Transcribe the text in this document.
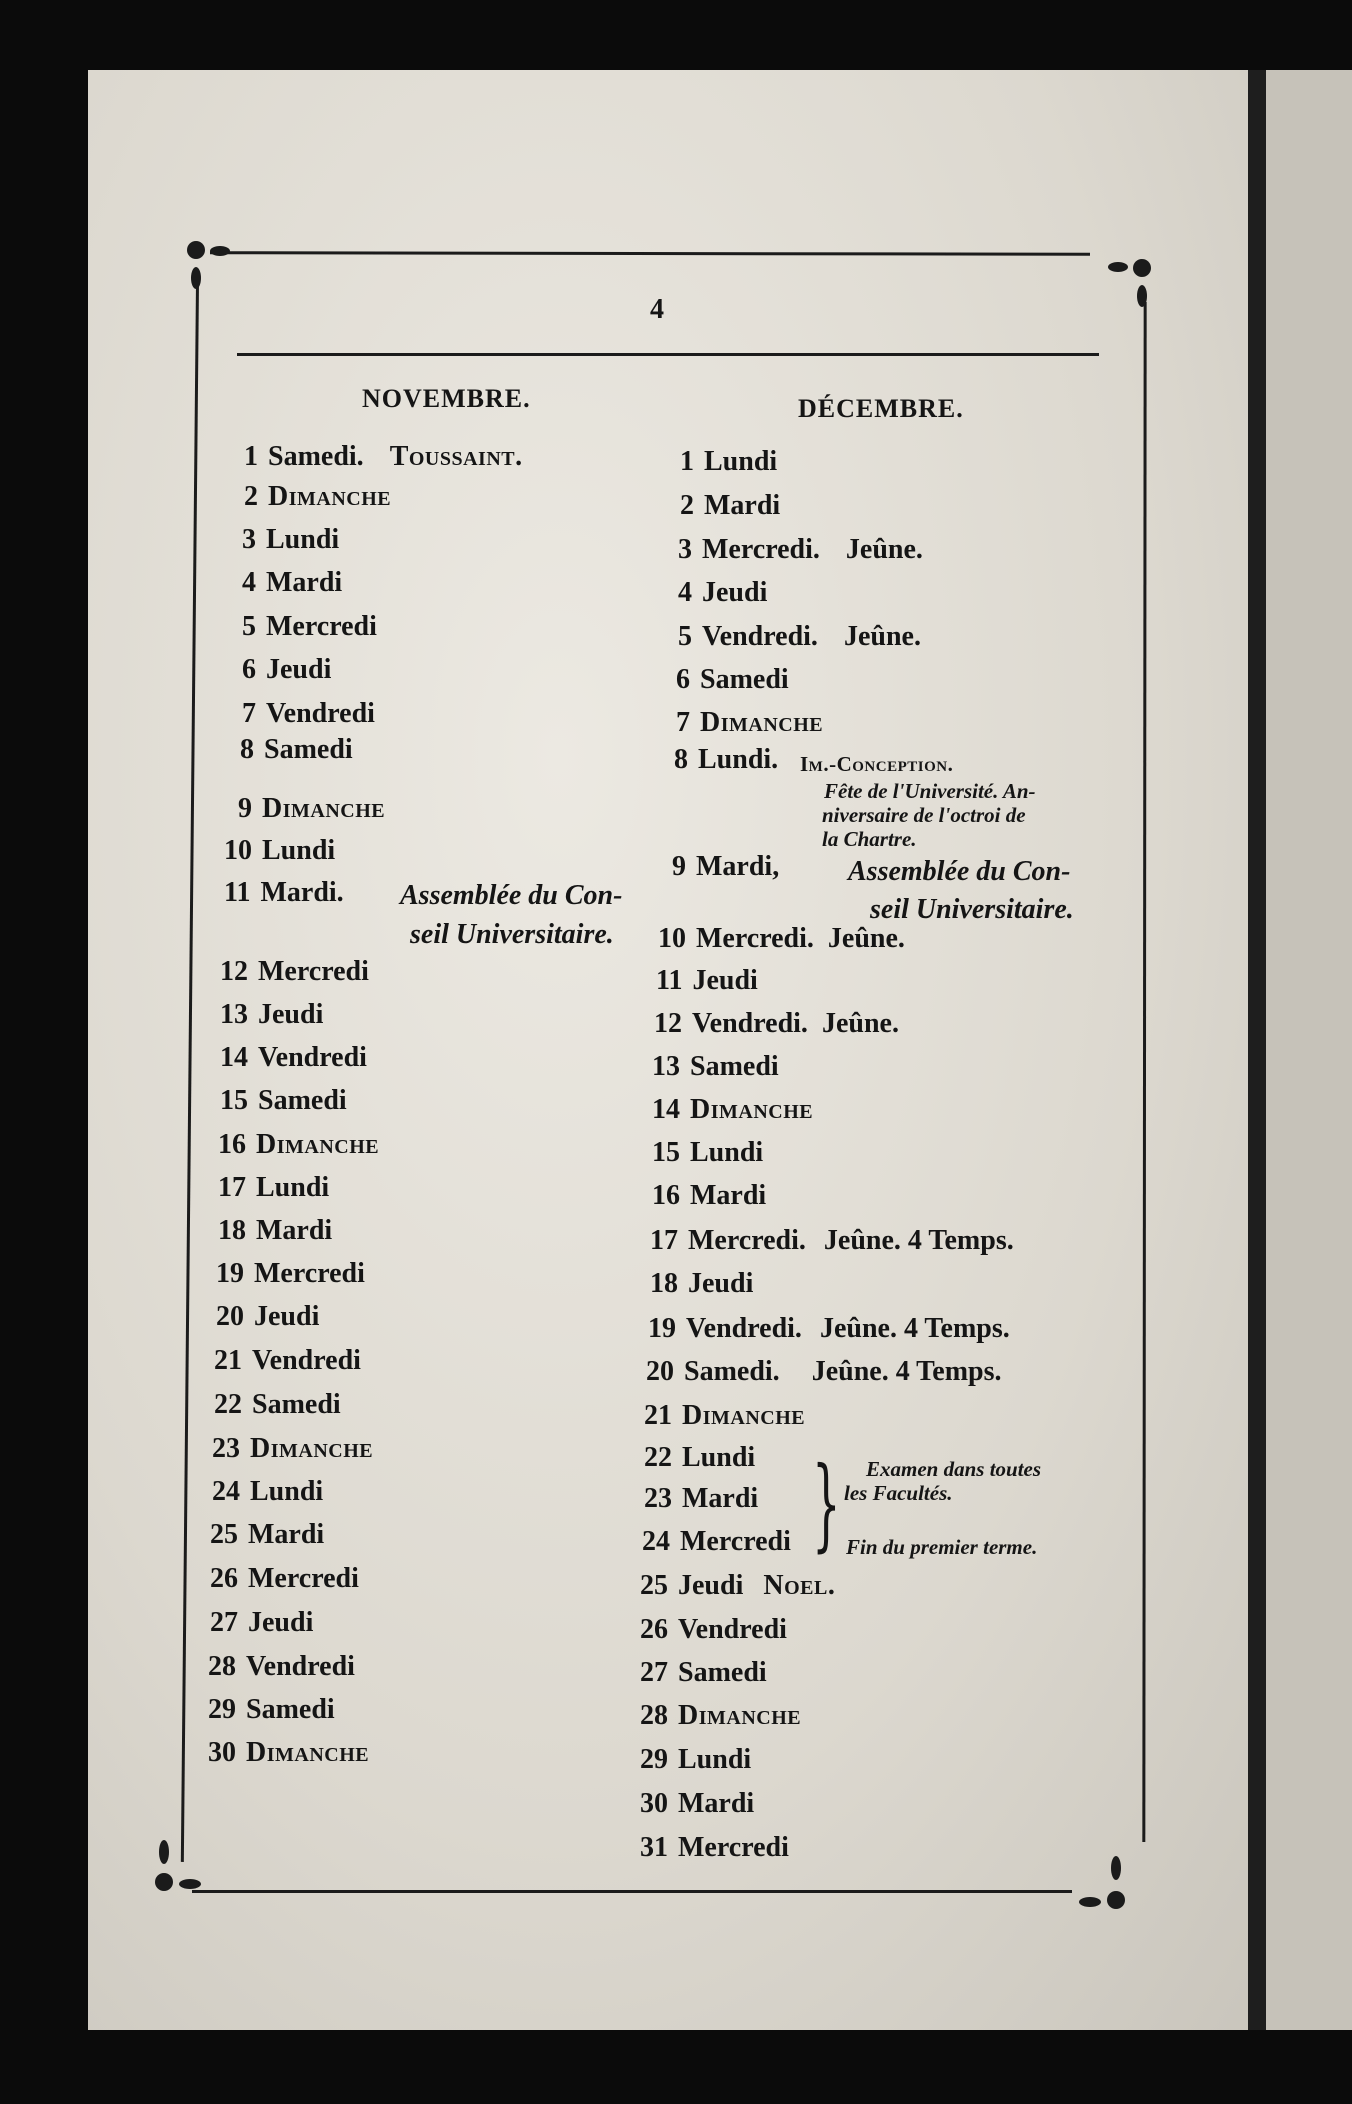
4
NOVEMBRE.
1 Samedi. Toussaint.
2 Dimanche
3 Lundi
4 Mardi
5 Mercredi
6 Jeudi
7 Vendredi
8 Samedi
9 Dimanche
10 Lundi
11 Mardi.
12 Mercredi
13 Jeudi
14 Vendredi
15 Samedi
16 Dimanche
17 Lundi
18 Mardi
19 Mercredi
20 Jeudi
21 Vendredi
22 Samedi
23 Dimanche
24 Lundi
25 Mardi
26 Mercredi
27 Jeudi
28 Vendredi
29 Samedi
30 Dimanche
Assemblée du Con-
seil Universitaire.
DÉCEMBRE.
1 Lundi
2 Mardi
3 Mercredi. Jeûne.
4 Jeudi
5 Vendredi. Jeûne.
6 Samedi
7 Dimanche
8 Lundi.
9 Mardi,
10 Mercredi. Jeûne.
11 Jeudi
12 Vendredi. Jeûne.
13 Samedi
14 Dimanche
15 Lundi
16 Mardi
17 Mercredi. Jeûne. 4 Temps.
18 Jeudi
19 Vendredi. Jeûne. 4 Temps.
20 Samedi. Jeûne. 4 Temps.
21 Dimanche
22 Lundi
23 Mardi
24 Mercredi
25 Jeudi Noel.
26 Vendredi
27 Samedi
28 Dimanche
29 Lundi
30 Mardi
31 Mercredi
Im.-Conception.
Fête de l'Université. An-
niversaire de l'octroi de
la Chartre.
Assemblée du Con-
seil Universitaire.
} Examen dans toutes
les Facultés.
Fin du premier terme.
